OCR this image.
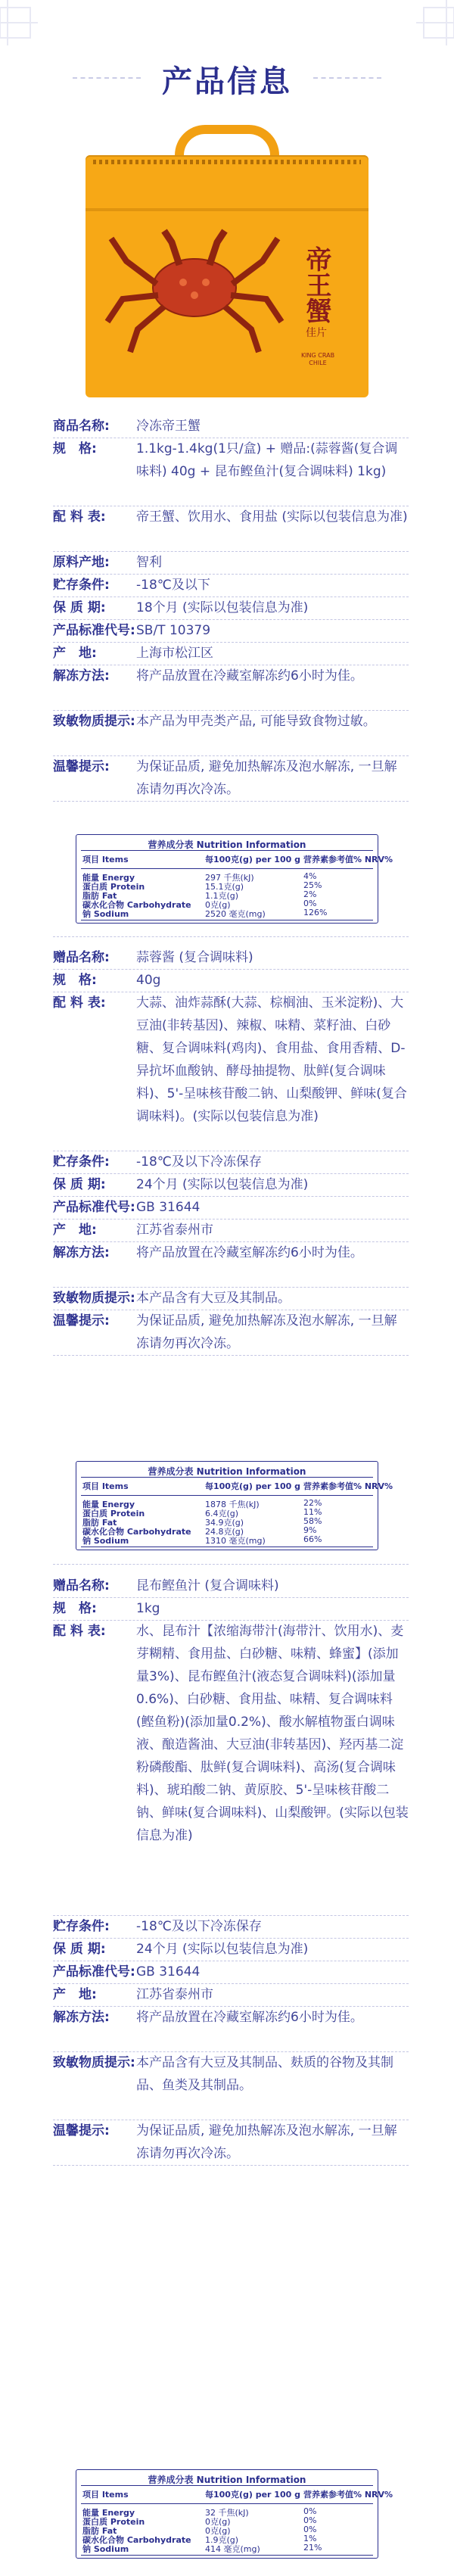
产品信息
帝王蟹
佳片
KING CRAB CHILE
商品名称:	冷冻帝王蟹
规　格:	1.1kg-1.4kg(1只/盒) + 赠品:(蒜蓉酱(复合调味料) 40g + 昆布鲣鱼汁(复合调味料) 1kg)
配 料 表:	帝王蟹、饮用水、食用盐 (实际以包装信息为准)
原料产地:	智利
贮存条件:	-18℃及以下
保 质 期:	18个月 (实际以包装信息为准)
产品标准代号: SB/T 10379
产　地:	上海市松江区
解冻方法:	将产品放置在冷藏室解冻约6小时为佳。
致敏物质提示: 本产品为甲壳类产品, 可能导致食物过敏。
温馨提示:	为保证品质, 避免加热解冻及泡水解冻, 一旦解冻请勿再次冷冻。
营养成分表 Nutrition Information
项目 Items	每100克(g) per 100 g 营养素参考值% NRV%
能量 Energy	297 千焦(kJ)	4%
蛋白质 Protein	15.1克(g)	25%
脂肪 Fat	1.1克(g)	2%
碳水化合物 Carbohydrate 0克(g)	0%
钠 Sodium	2520 毫克(mg)	126%
赠品名称:	蒜蓉酱 (复合调味料)
规　格:	40g
配 料 表:	大蒜、油炸蒜酥(大蒜、棕榈油、玉米淀粉)、大豆油(非转基因)、辣椒、味精、菜籽油、白砂糖、复合调味料(鸡肉)、食用盐、食用香精、D-异抗坏血酸钠、酵母抽提物、肽鲜(复合调味料)、5'-呈味核苷酸二钠、山梨酸钾、鲜味(复合调味料)。(实际以包装信息为准)
贮存条件:	-18℃及以下冷冻保存
保 质 期:	24个月 (实际以包装信息为准)
产品标准代号: GB 31644
产　地:	江苏省泰州市
解冻方法:	将产品放置在冷藏室解冻约6小时为佳。
致敏物质提示: 本产品含有大豆及其制品。
温馨提示:	为保证品质, 避免加热解冻及泡水解冻, 一旦解冻请勿再次冷冻。
营养成分表 Nutrition Information
项目 Items	每100克(g) per 100 g 营养素参考值% NRV%
能量 Energy	1878 千焦(kJ)	22%
蛋白质 Protein	6.4克(g)	11%
脂肪 Fat	34.9克(g)	58%
碳水化合物 Carbohydrate 24.8克(g)	9%
钠 Sodium	1310 毫克(mg)	66%
赠品名称:	昆布鲣鱼汁 (复合调味料)
规　格:	1kg
配 料 表:	水、昆布汁【浓缩海带汁(海带汁、饮用水)、麦芽糊精、食用盐、白砂糖、味精、蜂蜜】(添加量3%)、昆布鲣鱼汁(液态复合调味料)(添加量0.6%)、白砂糖、食用盐、味精、复合调味料(鲣鱼粉)(添加量0.2%)、酸水解植物蛋白调味液、酿造酱油、大豆油(非转基因)、羟丙基二淀粉磷酸酯、肽鲜(复合调味料)、高汤(复合调味料)、琥珀酸二钠、黄原胶、5'-呈味核苷酸二钠、鲜味(复合调味料)、山梨酸钾。(实际以包装信息为准)
贮存条件:	-18℃及以下冷冻保存
保 质 期:	24个月 (实际以包装信息为准)
产品标准代号: GB 31644
产　地:	江苏省泰州市
解冻方法:	将产品放置在冷藏室解冻约6小时为佳。
致敏物质提示: 本产品含有大豆及其制品、麸质的谷物及其制品、鱼类及其制品。
温馨提示:	为保证品质, 避免加热解冻及泡水解冻, 一旦解冻请勿再次冷冻。
营养成分表 Nutrition Information
项目 Items	每100克(g) per 100 g 营养素参考值% NRV%
能量 Energy	32 千焦(kJ)	0%
蛋白质 Protein	0克(g)	0%
脂肪 Fat	0克(g)	0%
碳水化合物 Carbohydrate 1.9克(g)	1%
钠 Sodium	414 毫克(mg)	21%
